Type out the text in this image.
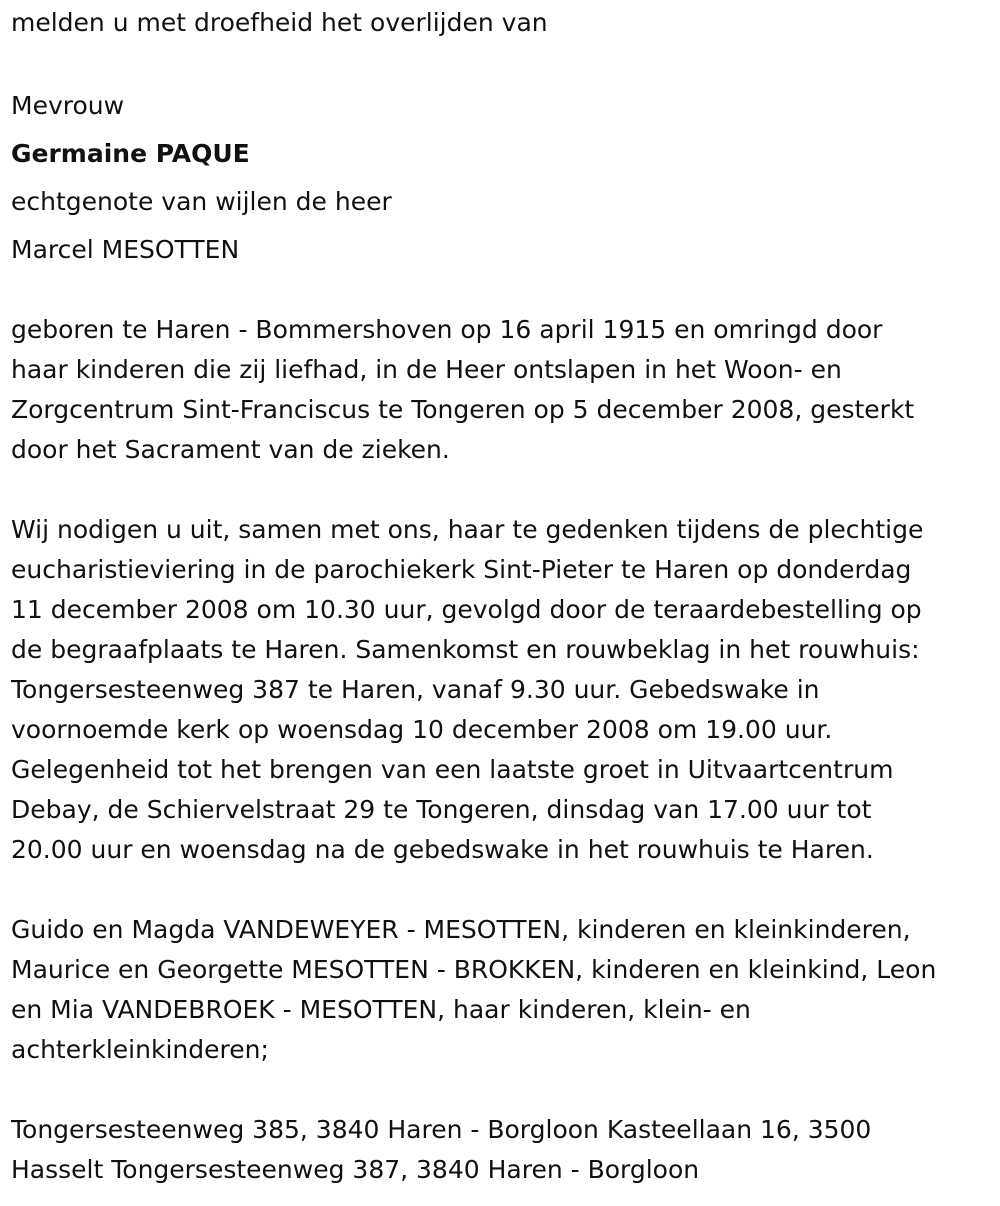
melden u met droefheid het overlijden van
Mevrouw
Germaine PAQUE
echtgenote van wijlen de heer
Marcel MESOTTEN
geboren te Haren - Bommershoven op 16 april 1915 en omringd door
haar kinderen die zij liefhad, in de Heer ontslapen in het Woon- en
Zorgcentrum Sint-Franciscus te Tongeren op 5 december 2008, gesterkt
door het Sacrament van de zieken.
Wij nodigen u uit, samen met ons, haar te gedenken tijdens de plechtige
eucharistieviering in de parochiekerk Sint-Pieter te Haren op donderdag
11 december 2008 om 10.30 uur, gevolgd door de teraardebestelling op
de begraafplaats te Haren. Samenkomst en rouwbeklag in het rouwhuis:
Tongersesteenweg 387 te Haren, vanaf 9.30 uur. Gebedswake in
voornoemde kerk op woensdag 10 december 2008 om 19.00 uur.
Gelegenheid tot het brengen van een laatste groet in Uitvaartcentrum
Debay, de Schiervelstraat 29 te Tongeren, dinsdag van 17.00 uur tot
20.00 uur en woensdag na de gebedswake in het rouwhuis te Haren.
Guido en Magda VANDEWEYER - MESOTTEN, kinderen en kleinkinderen,
Maurice en Georgette MESOTTEN - BROKKEN, kinderen en kleinkind, Leon
en Mia VANDEBROEK - MESOTTEN, haar kinderen, klein- en
achterkleinkinderen;
Tongersesteenweg 385, 3840 Haren - Borgloon Kasteellaan 16, 3500
Hasselt Tongersesteenweg 387, 3840 Haren - Borgloon
